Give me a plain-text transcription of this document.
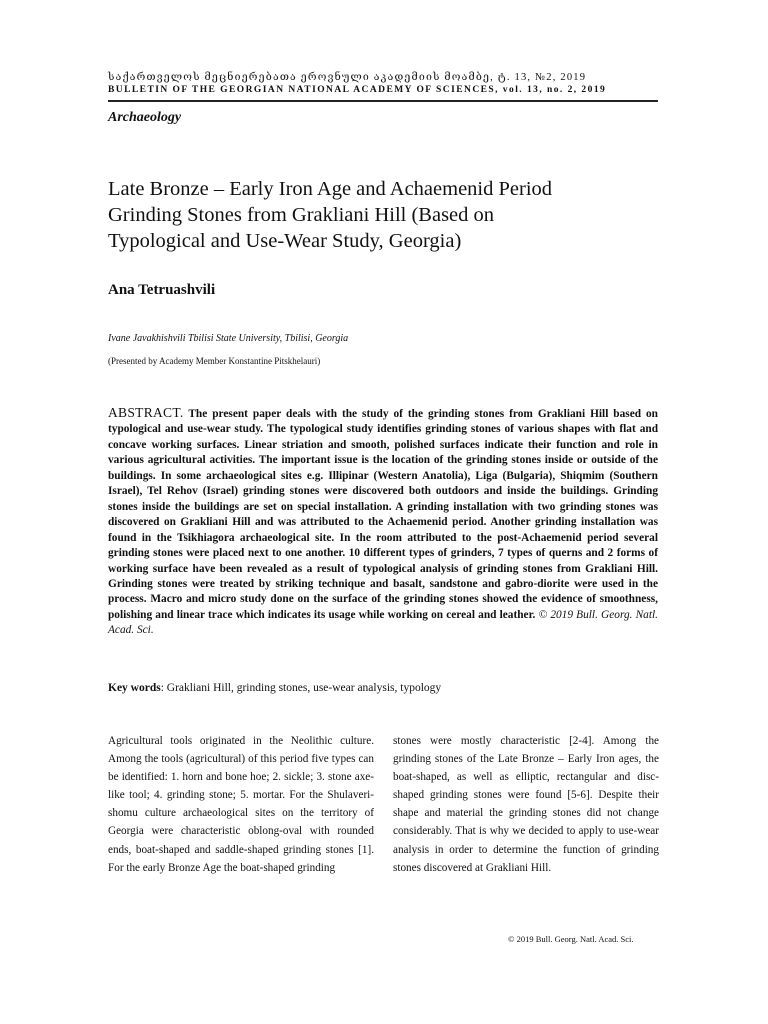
საქართველოს მეცნიერებათა ეროვნული აკადემიის მოამბე, ტ. 13, №2, 2019
BULLETIN OF THE GEORGIAN NATIONAL ACADEMY OF SCIENCES, vol. 13, no. 2, 2019
Archaeology
Late Bronze – Early Iron Age and Achaemenid Period
Grinding Stones from Grakliani Hill (Based on
Typological and Use-Wear Study, Georgia)
Ana Tetruashvili
Ivane Javakhishvili Tbilisi State University, Tbilisi, Georgia
(Presented by Academy Member Konstantine Pitskhelauri)

ABSTRACT. The present paper deals with the study of the grinding stones from Grakliani Hill based on typological and use-wear study. The typological study identifies grinding stones of various shapes with flat and concave working surfaces. Linear striation and smooth, polished surfaces indicate their function and role in various agricultural activities. The important issue is the location of the grinding stones inside or outside of the buildings. In some archaeological sites e.g. Illipinar (Western Anatolia), Liga (Bulgaria), Shiqmim (Southern Israel), Tel Rehov (Israel) grinding stones were discovered both outdoors and inside the buildings. Grinding stones inside the buildings are set on special installation. A grinding installation with two grinding stones was discovered on Grakliani Hill and was attributed to the Achaemenid period. Another grinding installation was found in the Tsikhiagora archaeological site. In the room attributed to the post-Achaemenid period several grinding stones were placed next to one another. 10 different types of grinders, 7 types of querns and 2 forms of working surface have been revealed as a result of typological analysis of grinding stones from Grakliani Hill. Grinding stones were treated by striking technique and basalt, sandstone and gabro-diorite were used in the process. Macro and micro study done on the surface of the grinding stones showed the evidence of smoothness, polishing and linear trace which indicates its usage while working on cereal and leather. © 2019 Bull. Georg. Natl. Acad. Sci.

Key words: Grakliani Hill, grinding stones, use-wear analysis, typology

Agricultural tools originated in the Neolithic culture. Among the tools (agricultural) of this period five types can be identified: 1. horn and bone hoe; 2. sickle; 3. stone axe-like tool; 4. grinding stone; 5. mortar. For the Shulaveri-shomu culture archaeological sites on the territory of Georgia were characteristic oblong-oval with rounded ends, boat-shaped and saddle-shaped grinding stones [1]. For the early Bronze Age the boat-shaped grinding

stones were mostly characteristic [2-4]. Among the grinding stones of the Late Bronze – Early Iron ages, the boat-shaped, as well as elliptic, rectangular and disc-shaped grinding stones were found [5-6]. Despite their shape and material the grinding stones did not change considerably. That is why we decided to apply to use-wear analysis in order to determine the function of grinding stones discovered at Grakliani Hill.

© 2019 Bull. Georg. Natl. Acad. Sci.
